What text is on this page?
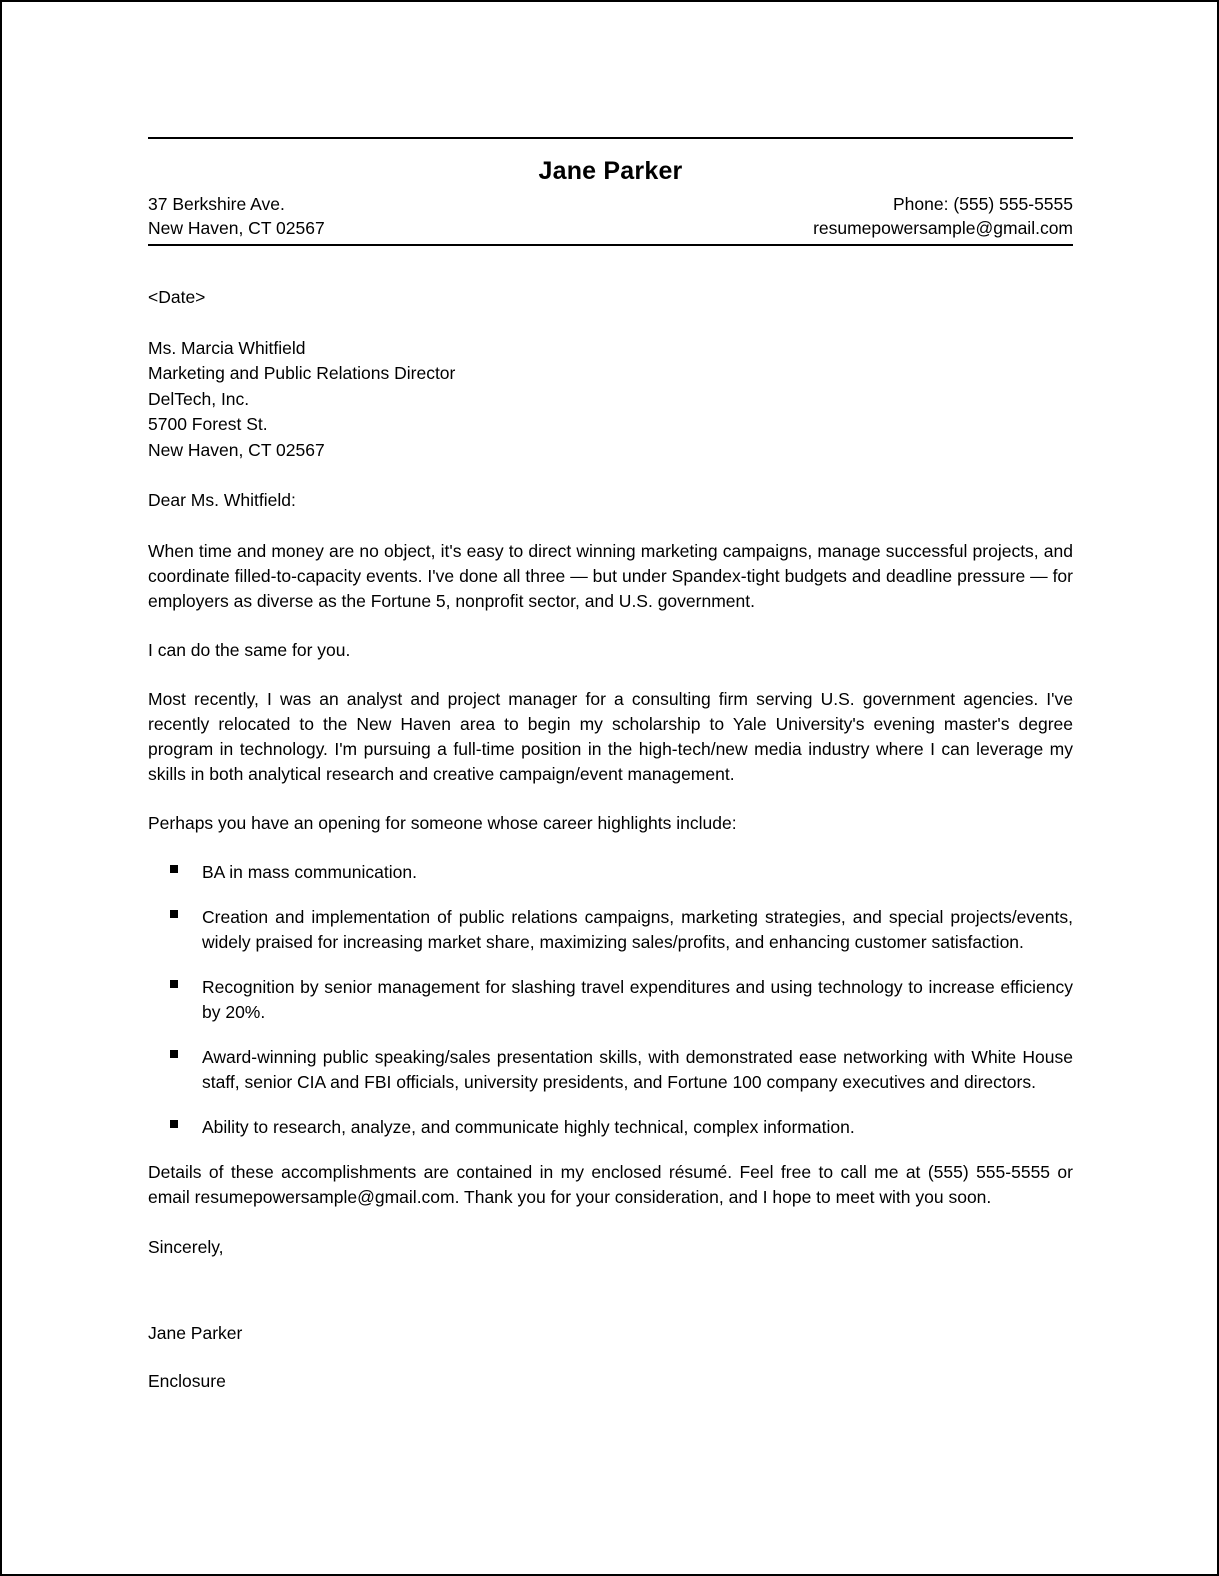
Jane Parker
37 Berkshire Ave.
New Haven, CT 02567
Phone: (555) 555-5555
resumepowersample@gmail.com
<Date>
Ms. Marcia Whitfield
Marketing and Public Relations Director
DelTech, Inc.
5700 Forest St.
New Haven, CT 02567
Dear Ms. Whitfield:

When time and money are no object, it's easy to direct winning marketing campaigns, manage successful projects, and coordinate filled-to-capacity events. I've done all three — but under Spandex-tight budgets and deadline pressure — for employers as diverse as the Fortune 5, nonprofit sector, and U.S. government.

I can do the same for you.

Most recently, I was an analyst and project manager for a consulting firm serving U.S. government agencies. I've recently relocated to the New Haven area to begin my scholarship to Yale University's evening master's degree program in technology. I'm pursuing a full-time position in the high-tech/new media industry where I can leverage my skills in both analytical research and creative campaign/event management.

Perhaps you have an opening for someone whose career highlights include:

BA in mass communication.
Creation and implementation of public relations campaigns, marketing strategies, and special projects/events, widely praised for increasing market share, maximizing sales/profits, and enhancing customer satisfaction.
Recognition by senior management for slashing travel expenditures and using technology to increase efficiency by 20%.
Award-winning public speaking/sales presentation skills, with demonstrated ease networking with White House staff, senior CIA and FBI officials, university presidents, and Fortune 100 company executives and directors.
Ability to research, analyze, and communicate highly technical, complex information.

Details of these accomplishments are contained in my enclosed résumé. Feel free to call me at (555) 555-5555 or email resumepowersample@gmail.com. Thank you for your consideration, and I hope to meet with you soon.

Sincerely,
Jane Parker
Enclosure
